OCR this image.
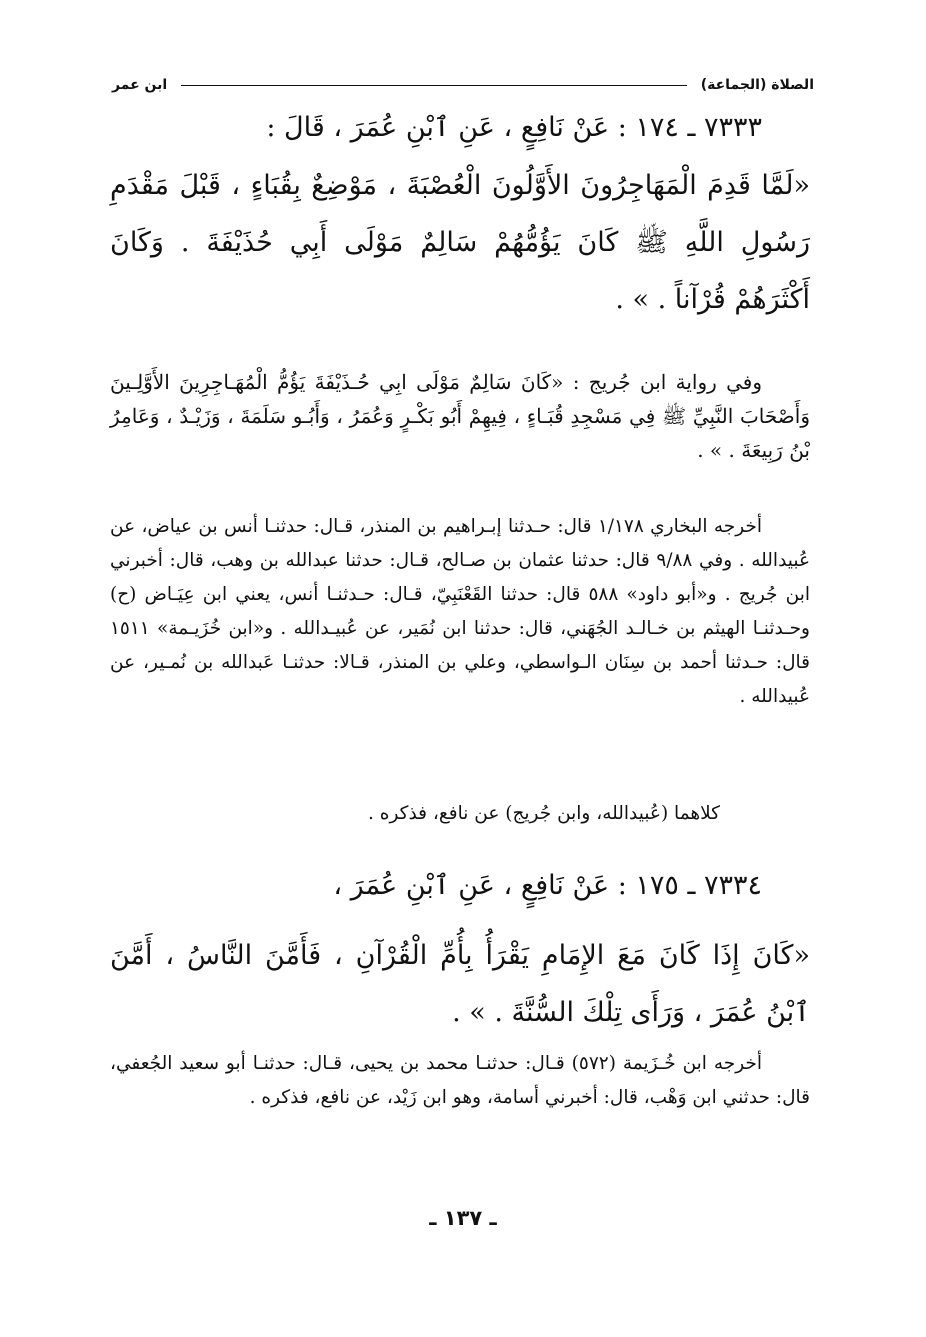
الصلاة (الجماعة)
ابن عمر
٧٣٣٣ ـ ١٧٤ : عَنْ نَافِعٍ ، عَنِ ٱبْنِ عُمَرَ ، قَالَ :
«لَمَّا قَدِمَ الْمَهَاجِرُونَ الأَوَّلُونَ الْعُصْبَةَ ، مَوْضِعٌ بِقُبَاءٍ ، قَبْلَ مَقْدَمِ رَسُولِ اللَّهِ ﷺ كَانَ يَؤُمُّهُمْ سَالِمٌ مَوْلَى أَبِي حُذَيْفَةَ . وَكَانَ أَكْثَرَهُمْ قُرْآناً . » .
وفي رواية ابن جُريج : «كَانَ سَالِمٌ مَوْلَى ابِي حُـذَيْفَةَ يَؤُمُّ الْمُهَـاجِرِينَ الأَوَّلِـينَ وَأَصْحَابَ النَّبِيِّ ﷺ فِي مَسْجِدِ قُبَـاءٍ ، فِيهِمْ أَبُو بَكْـرٍ وَعُمَرُ ، وَأَبُـو سَلَمَةَ ، وَزَيْـدٌ ، وَعَامِرُ بْنُ رَبِيعَةَ . » .
أخرجه البخاري ١/١٧٨ قال: حـدثنا إبـراهيم بن المنذر، قـال: حدثنـا أنس بن عياض، عن عُبيدالله . وفي ٩/٨٨ قال: حدثنا عثمان بن صـالح، قـال: حدثنا عبدالله بن وهب، قال: أخبرني ابن جُريج . و«أبو داود» ٥٨٨ قال: حدثنا القَعْنَبِيّ، قـال: حـدثنـا أنس، يعني ابن عِيَـاض (ح) وحـدثنـا الهيثم بن خـالـد الجُهَني، قال: حدثنا ابن نُمَير، عن عُبيـدالله . و«ابن خُزَيـمة» ١٥١١ قال: حـدثنا أحمد بن سِنَان الـواسطي، وعلي بن المنذر، قـالا: حدثنـا عَبدالله بن نُمـير، عن عُبيدالله .
كلاهما (عُبيدالله، وابن جُريج) عن نافع، فذكره .
٧٣٣٤ ـ ١٧٥ : عَنْ نَافِعٍ ، عَنِ ٱبْنِ عُمَرَ ،
«كَانَ إِذَا كَانَ مَعَ الإِمَامِ يَقْرَأُ بِأُمِّ الْقُرْآنِ ، فَأَمَّنَ النَّاسُ ، أَمَّنَ ٱبْنُ عُمَرَ ، وَرَأَى تِلْكَ السُّنَّةَ . » .
أخرجه ابن خُـزَيمة (٥٧٢) قـال: حدثنـا محمد بن يحيى، قـال: حدثنـا أبو سعيد الجُعفي، قال: حدثني ابن وَهْب، قال: أخبرني أسامة، وهو ابن زَيْد، عن نافع، فذكره .
ـ ١٣٧ ـ
